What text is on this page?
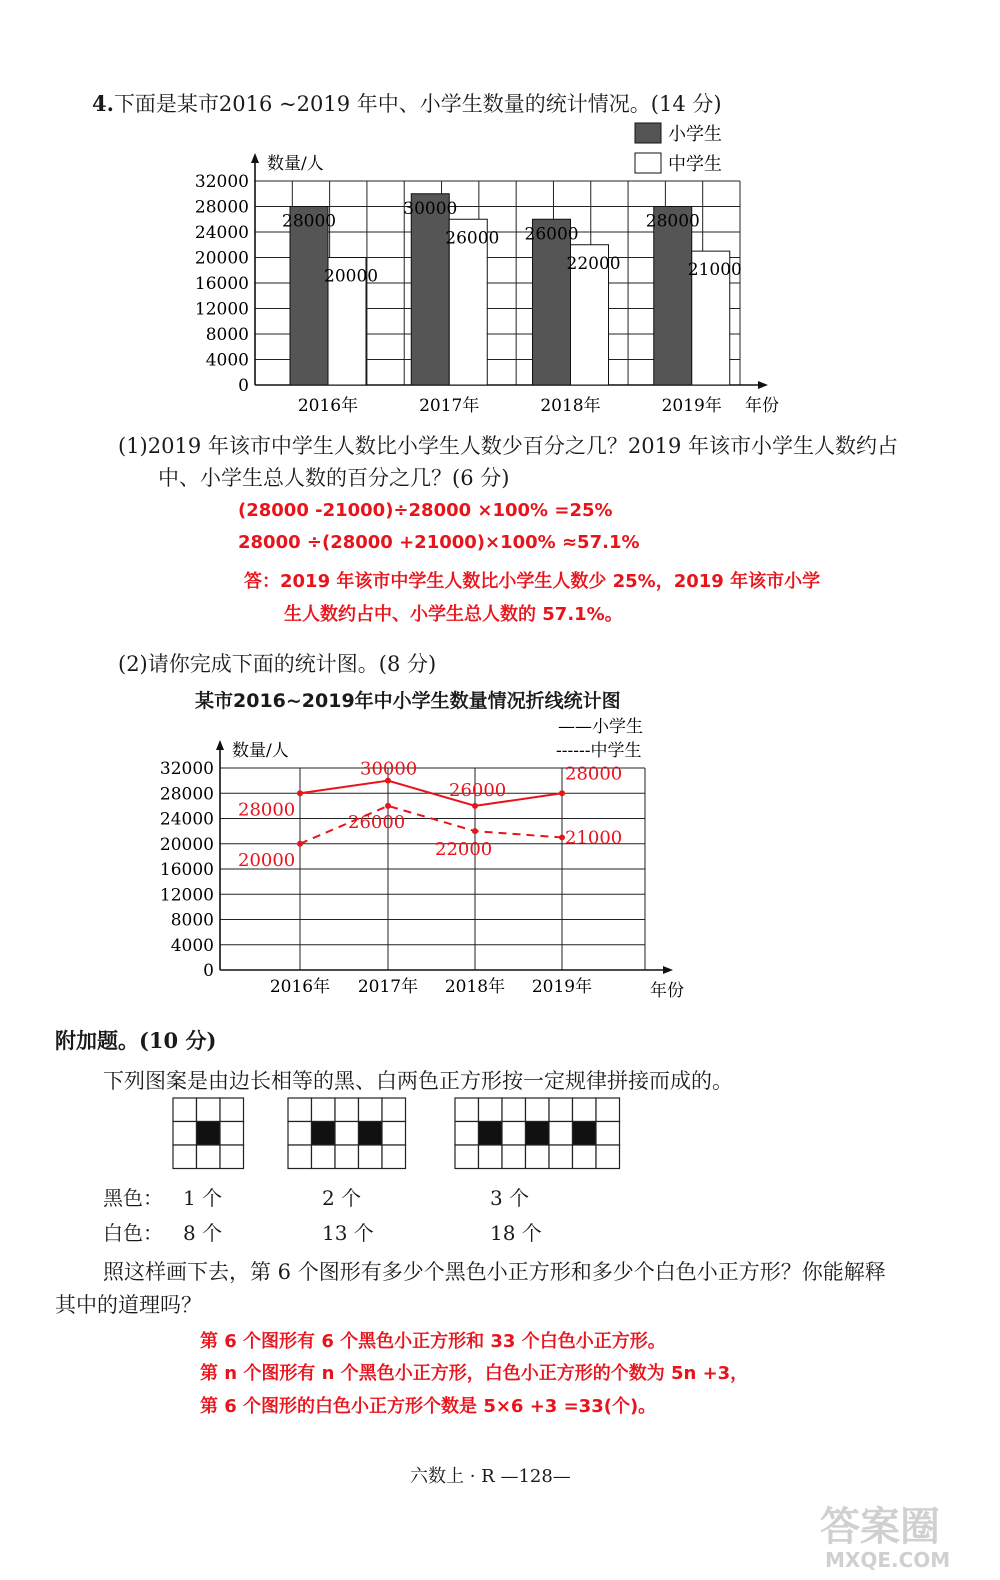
4.下面是某市2016 ~2019 年中、小学生数量的统计情况。(14 分)
0
4000
8000
12000
16000
20000
24000
28000
32000
数量/人
年份
28000
20000
2016年
30000
26000
2017年
26000
22000
2018年
28000
21000
2019年
小学生
中学生
(1)2019 年该市中学生人数比小学生人数少百分之几？2019 年该市小学生人数约占
中、小学生总人数的百分之几？(6 分)
(28000 -21000)÷28000 ×100% =25%
28000 ÷(28000 +21000)×100% ≈57.1%
答：2019 年该市中学生人数比小学生人数少 25%，2019 年该市小学
生人数约占中、小学生总人数的 57.1%。
(2)请你完成下面的统计图。(8 分)
某市2016~2019年中小学生数量情况折线统计图
0
4000
8000
12000
16000
20000
24000
28000
32000
数量/人
年份
2016年 2017年 2018年 2019年
28000
30000
26000
28000
20000
26000
22000
21000
——小学生
------中学生
附加题。(10 分)
下列图案是由边长相等的黑、白两色正方形按一定规律拼接而成的。
黑色： 1 个	2 个	3 个
白色： 8 个	13 个	18 个
照这样画下去，第 6 个图形有多少个黑色小正方形和多少个白色小正方形？你能解释
其中的道理吗？
第 6 个图形有 6 个黑色小正方形和 33 个白色小正方形。
第 n 个图形有 n 个黑色小正方形，白色小正方形的个数为 5n +3，
第 6 个图形的白色小正方形个数是 5×6 +3 =33(个)。
六数上 · R —128—
答案圈
MXQE.COM
